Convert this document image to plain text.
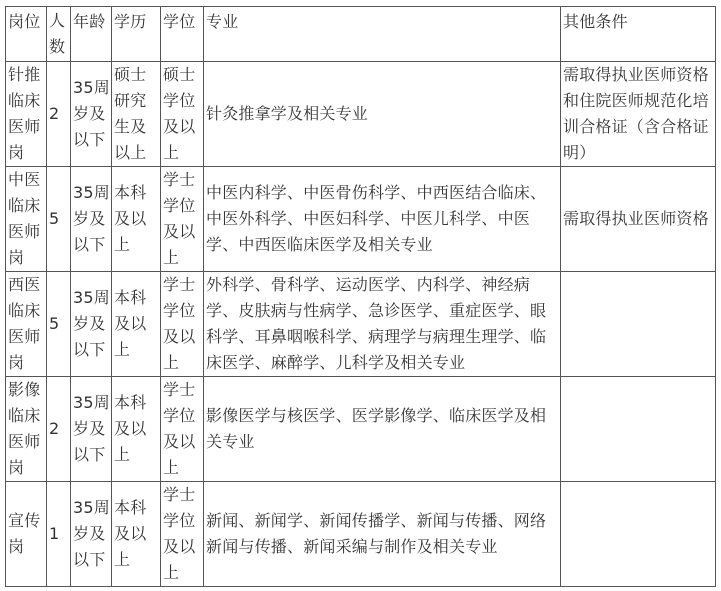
岗位	人数	年龄	学历	学位	专业	其他条件
针推临床医师岗	2	35周岁及以下	硕士研究生及以上	硕士学位及以上	针灸推拿学及相关专业	需取得执业医师资格和住院医师规范化培训合格证（含合格证明）
中医临床医师岗	5	35周岁及以下	本科及以上	学士学位及以上	中医内科学、中医骨伤科学、中西医结合临床、中医外科学、中医妇科学、中医儿科学、中医学、中西医临床医学及相关专业	需取得执业医师资格
西医临床医师岗	5	35周岁及以下	本科及以上	学士学位及以上	外科学、骨科学、运动医学、内科学、神经病学、皮肤病与性病学、急诊医学、重症医学、眼科学、耳鼻咽喉科学、病理学与病理生理学、临床医学、麻醉学、儿科学及相关专业	
影像临床医师岗	2	35周岁及以下	本科及以上	学士学位及以上	影像医学与核医学、医学影像学、临床医学及相关专业	
宣传岗	1	35周岁及以下	本科及以上	学士学位及以上	新闻、新闻学、新闻传播学、新闻与传播、网络新闻与传播、新闻采编与制作及相关专业	
